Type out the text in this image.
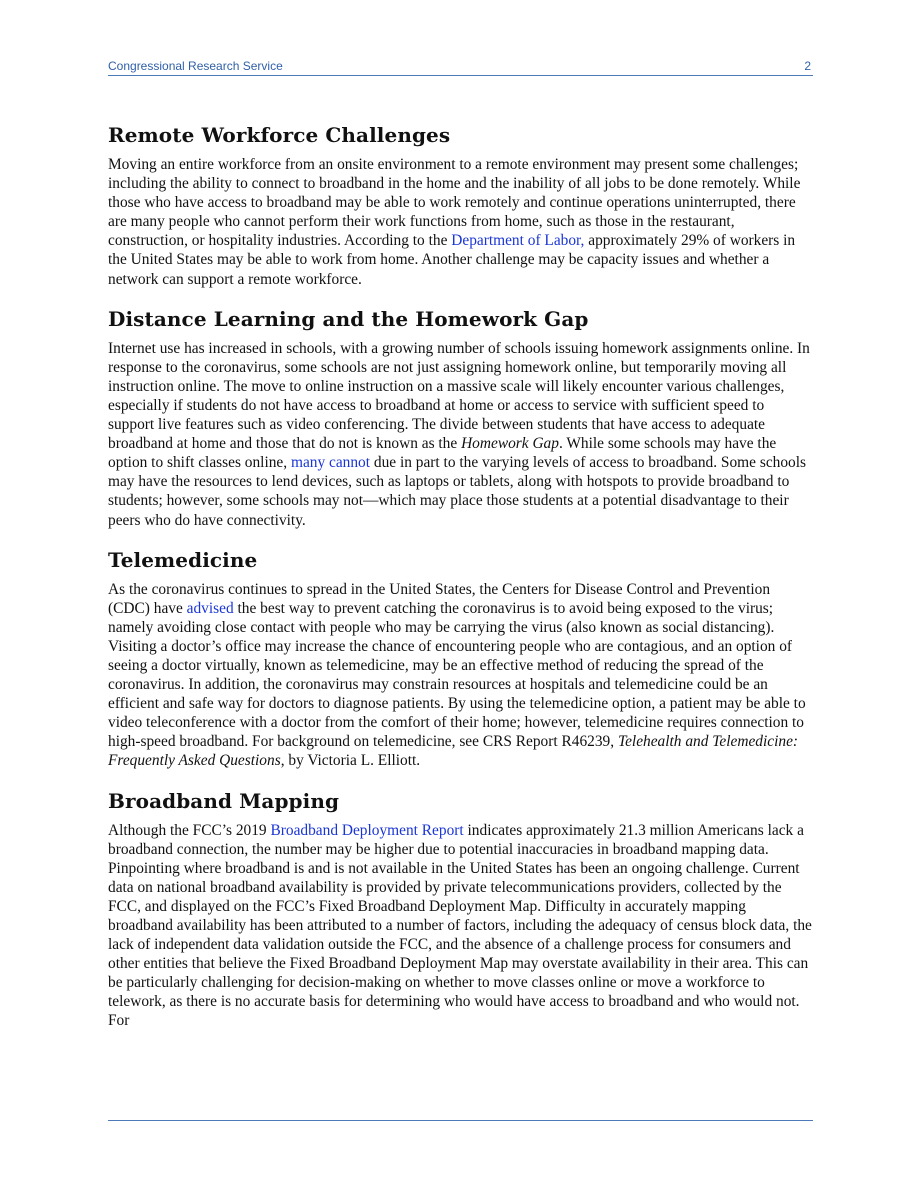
Congressional Research Service	2
Remote Workforce Challenges

Moving an entire workforce from an onsite environment to a remote environment may present some challenges; including the ability to connect to broadband in the home and the inability of all jobs to be done remotely. While those who have access to broadband may be able to work remotely and continue operations uninterrupted, there are many people who cannot perform their work functions from home, such as those in the restaurant, construction, or hospitality industries. According to the Department of Labor, approximately 29% of workers in the United States may be able to work from home. Another challenge may be capacity issues and whether a network can support a remote workforce.

Distance Learning and the Homework Gap

Internet use has increased in schools, with a growing number of schools issuing homework assignments online. In response to the coronavirus, some schools are not just assigning homework online, but temporarily moving all instruction online. The move to online instruction on a massive scale will likely encounter various challenges, especially if students do not have access to broadband at home or access to service with sufficient speed to support live features such as video conferencing. The divide between students that have access to adequate broadband at home and those that do not is known as the Homework Gap. While some schools may have the option to shift classes online, many cannot due in part to the varying levels of access to broadband. Some schools may have the resources to lend devices, such as laptops or tablets, along with hotspots to provide broadband to students; however, some schools may not—which may place those students at a potential disadvantage to their peers who do have connectivity.

Telemedicine

As the coronavirus continues to spread in the United States, the Centers for Disease Control and Prevention (CDC) have advised the best way to prevent catching the coronavirus is to avoid being exposed to the virus; namely avoiding close contact with people who may be carrying the virus (also known as social distancing). Visiting a doctor’s office may increase the chance of encountering people who are contagious, and an option of seeing a doctor virtually, known as telemedicine, may be an effective method of reducing the spread of the coronavirus. In addition, the coronavirus may constrain resources at hospitals and telemedicine could be an efficient and safe way for doctors to diagnose patients. By using the telemedicine option, a patient may be able to video teleconference with a doctor from the comfort of their home; however, telemedicine requires connection to high-speed broadband. For background on telemedicine, see CRS Report R46239, Telehealth and Telemedicine: Frequently Asked Questions, by Victoria L. Elliott.

Broadband Mapping

Although the FCC’s 2019 Broadband Deployment Report indicates approximately 21.3 million Americans lack a broadband connection, the number may be higher due to potential inaccuracies in broadband mapping data. Pinpointing where broadband is and is not available in the United States has been an ongoing challenge. Current data on national broadband availability is provided by private telecommunications providers, collected by the FCC, and displayed on the FCC’s Fixed Broadband Deployment Map. Difficulty in accurately mapping broadband availability has been attributed to a number of factors, including the adequacy of census block data, the lack of independent data validation outside the FCC, and the absence of a challenge process for consumers and other entities that believe the Fixed Broadband Deployment Map may overstate availability in their area. This can be particularly challenging for decision-making on whether to move classes online or move a workforce to telework, as there is no accurate basis for determining who would have access to broadband and who would not. For
